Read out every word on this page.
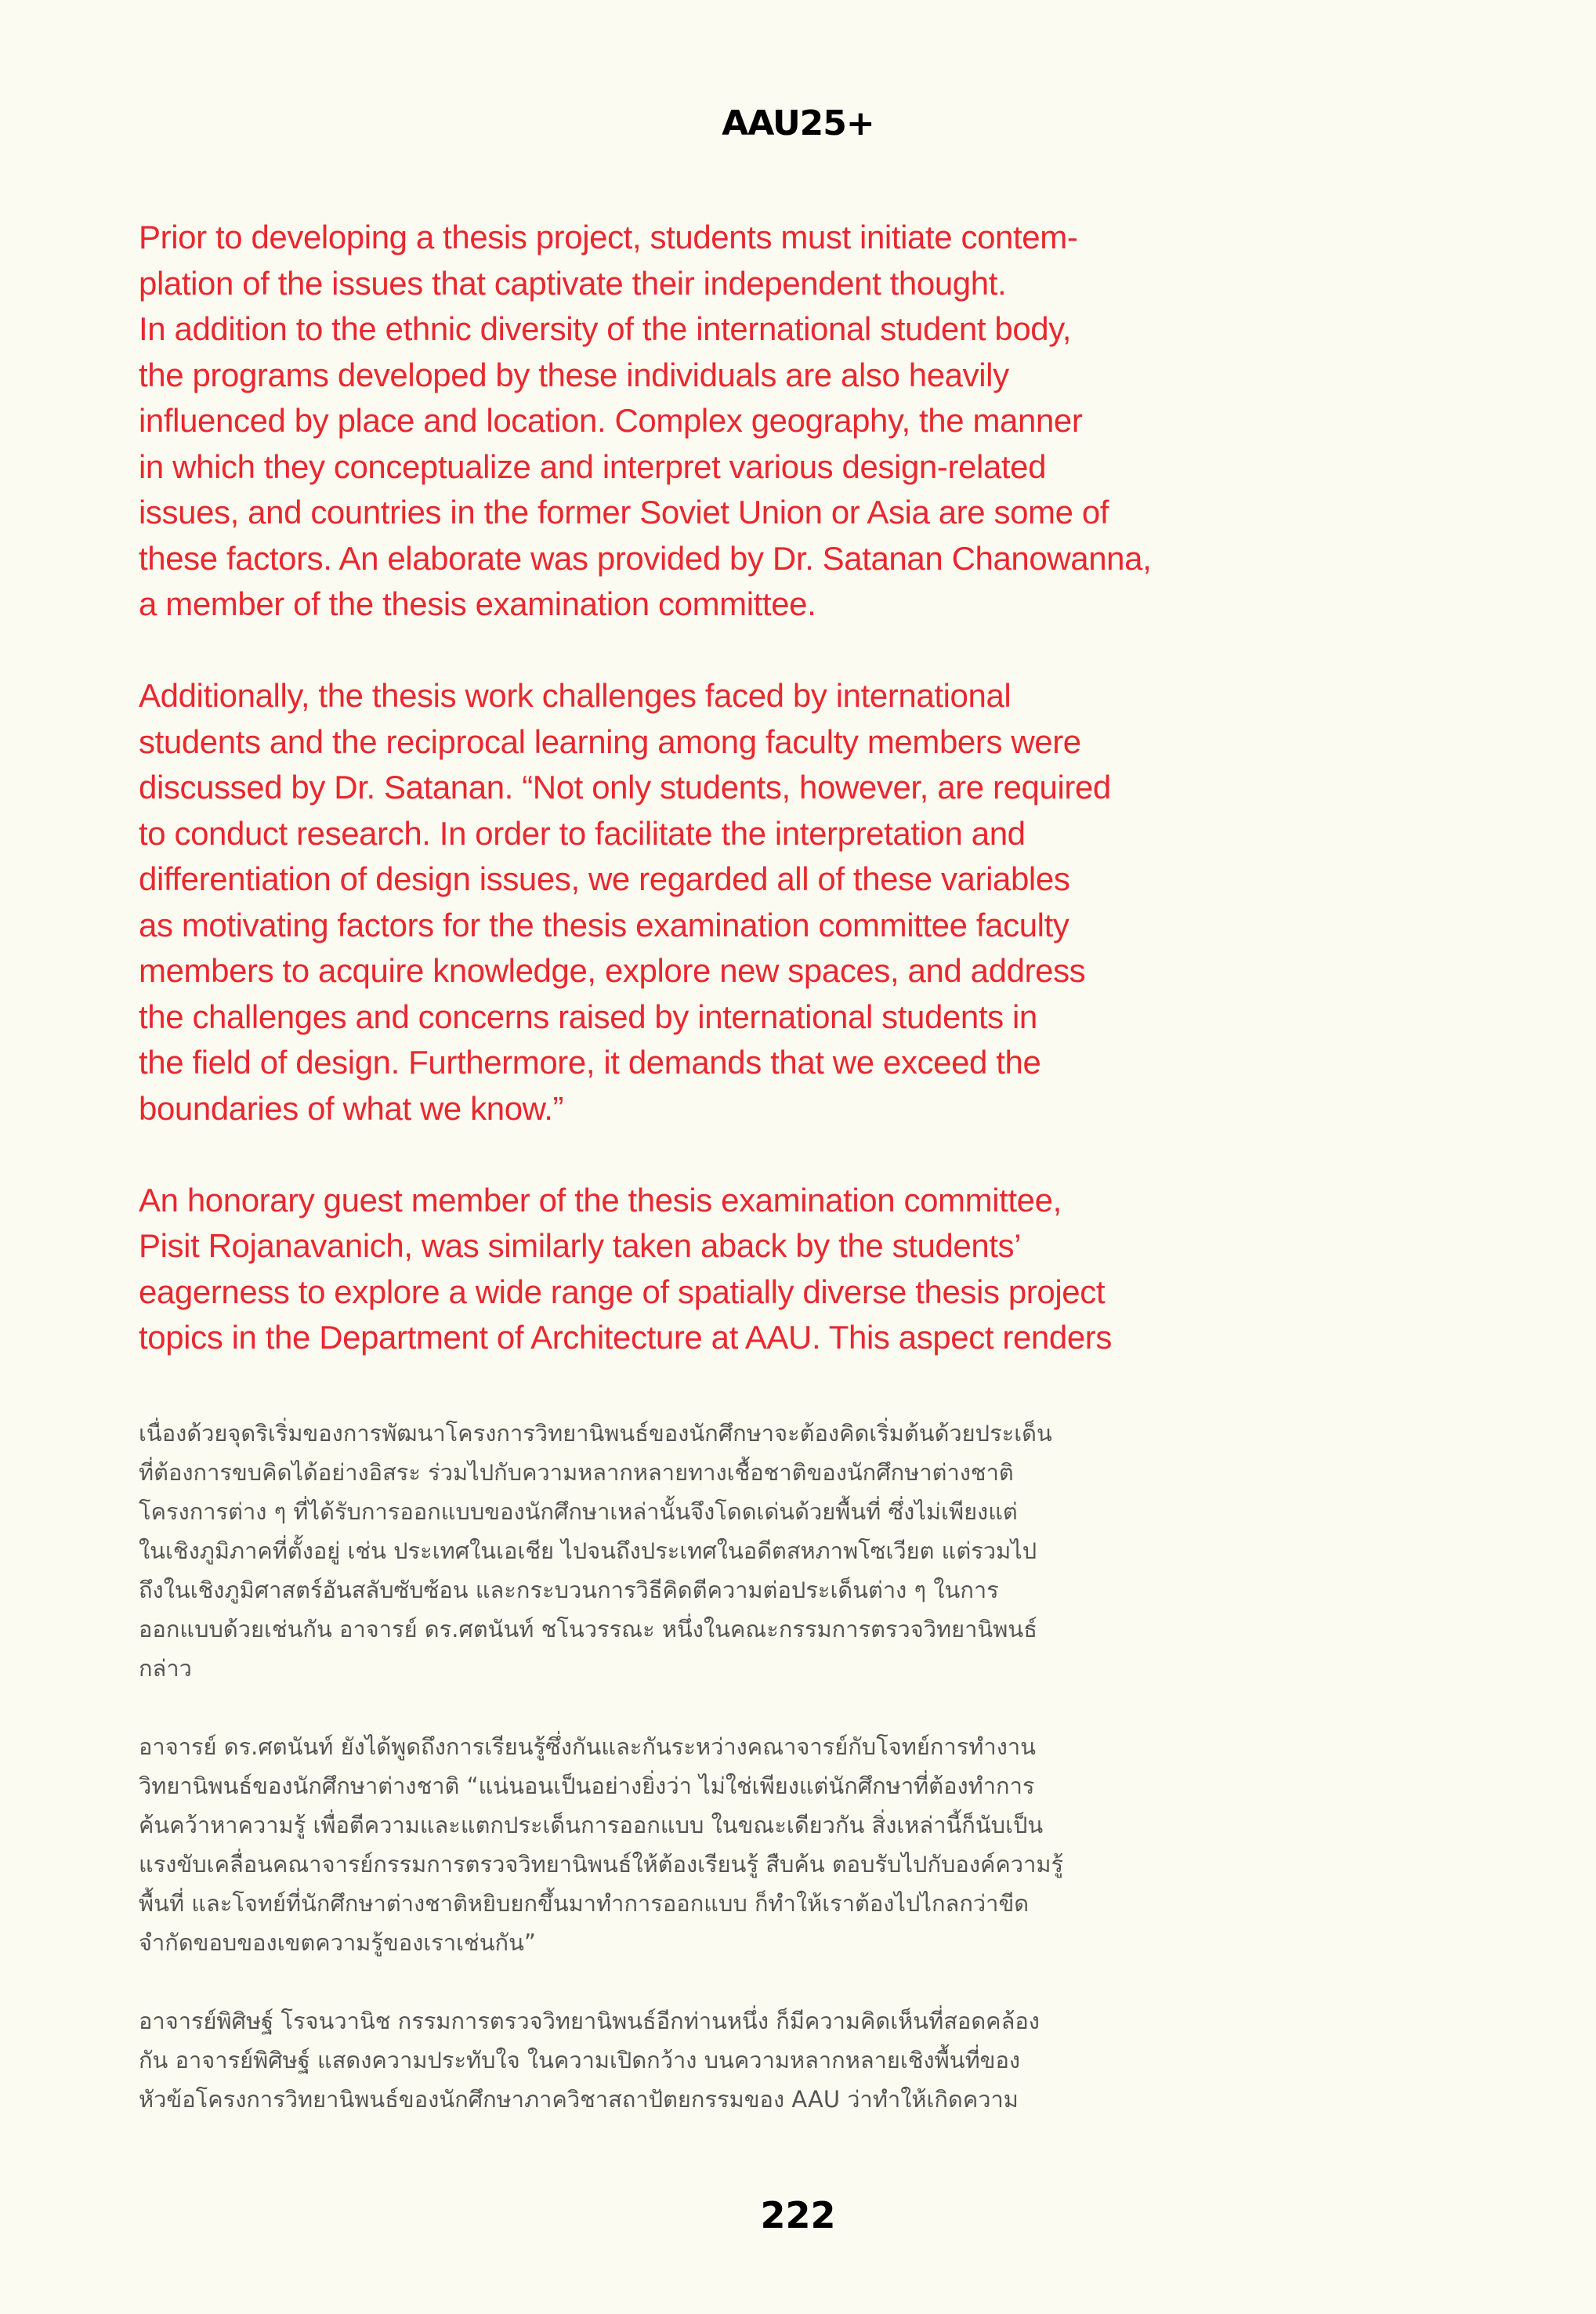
AAU25+

Prior to developing a thesis project, students must initiate contem-
plation of the issues that captivate their independent thought.
In addition to the ethnic diversity of the international student body,
the programs developed by these individuals are also heavily
influenced by place and location. Complex geography, the manner
in which they conceptualize and interpret various design-related
issues, and countries in the former Soviet Union or Asia are some of
these factors. An elaborate was provided by Dr. Satanan Chanowanna,
a member of the thesis examination committee.

Additionally, the thesis work challenges faced by international
students and the reciprocal learning among faculty members were
discussed by Dr. Satanan. “Not only students, however, are required
to conduct research. In order to facilitate the interpretation and
differentiation of design issues, we regarded all of these variables
as motivating factors for the thesis examination committee faculty
members to acquire knowledge, explore new spaces, and address
the challenges and concerns raised by international students in
the field of design. Furthermore, it demands that we exceed the
boundaries of what we know.”

An honorary guest member of the thesis examination committee,
Pisit Rojanavanich, was similarly taken aback by the students’
eagerness to explore a wide range of spatially diverse thesis project
topics in the Department of Architecture at AAU. This aspect renders

เนื่องด้วยจุดริเริ่มของการพัฒนาโครงการวิทยานิพนธ์ของนักศึกษาจะต้องคิดเริ่มต้นด้วยประเด็น
ที่ต้องการขบคิดได้อย่างอิสระ ร่วมไปกับความหลากหลายทางเชื้อชาติของนักศึกษาต่างชาติ
โครงการต่าง ๆ ที่ได้รับการออกแบบของนักศึกษาเหล่านั้นจึงโดดเด่นด้วยพื้นที่ ซึ่งไม่เพียงแต่
ในเชิงภูมิภาคที่ตั้งอยู่ เช่น ประเทศในเอเชีย ไปจนถึงประเทศในอดีตสหภาพโซเวียต แต่รวมไป
ถึงในเชิงภูมิศาสตร์อันสลับซับซ้อน และกระบวนการวิธีคิดตีความต่อประเด็นต่าง ๆ ในการ
ออกแบบด้วยเช่นกัน อาจารย์ ดร.ศตนันท์ ชโนวรรณะ หนึ่งในคณะกรรมการตรวจวิทยานิพนธ์
กล่าว

อาจารย์ ดร.ศตนันท์ ยังได้พูดถึงการเรียนรู้ซึ่งกันและกันระหว่างคณาจารย์กับโจทย์การทำงาน
วิทยานิพนธ์ของนักศึกษาต่างชาติ “แน่นอนเป็นอย่างยิ่งว่า ไม่ใช่เพียงแต่นักศึกษาที่ต้องทำการ
ค้นคว้าหาความรู้ เพื่อตีความและแตกประเด็นการออกแบบ ในขณะเดียวกัน สิ่งเหล่านี้ก็นับเป็น
แรงขับเคลื่อนคณาจารย์กรรมการตรวจวิทยานิพนธ์ให้ต้องเรียนรู้ สืบค้น ตอบรับไปกับองค์ความรู้
พื้นที่ และโจทย์ที่นักศึกษาต่างชาติหยิบยกขึ้นมาทำการออกแบบ ก็ทำให้เราต้องไปไกลกว่าขีด
จำกัดขอบของเขตความรู้ของเราเช่นกัน”

อาจารย์พิศิษฐ์ โรจนวานิช กรรมการตรวจวิทยานิพนธ์อีกท่านหนึ่ง ก็มีความคิดเห็นที่สอดคล้อง
กัน อาจารย์พิศิษฐ์ แสดงความประทับใจ ในความเปิดกว้าง บนความหลากหลายเชิงพื้นที่ของ
หัวข้อโครงการวิทยานิพนธ์ของนักศึกษาภาควิชาสถาปัตยกรรมของ AAU ว่าทำให้เกิดความ

222
